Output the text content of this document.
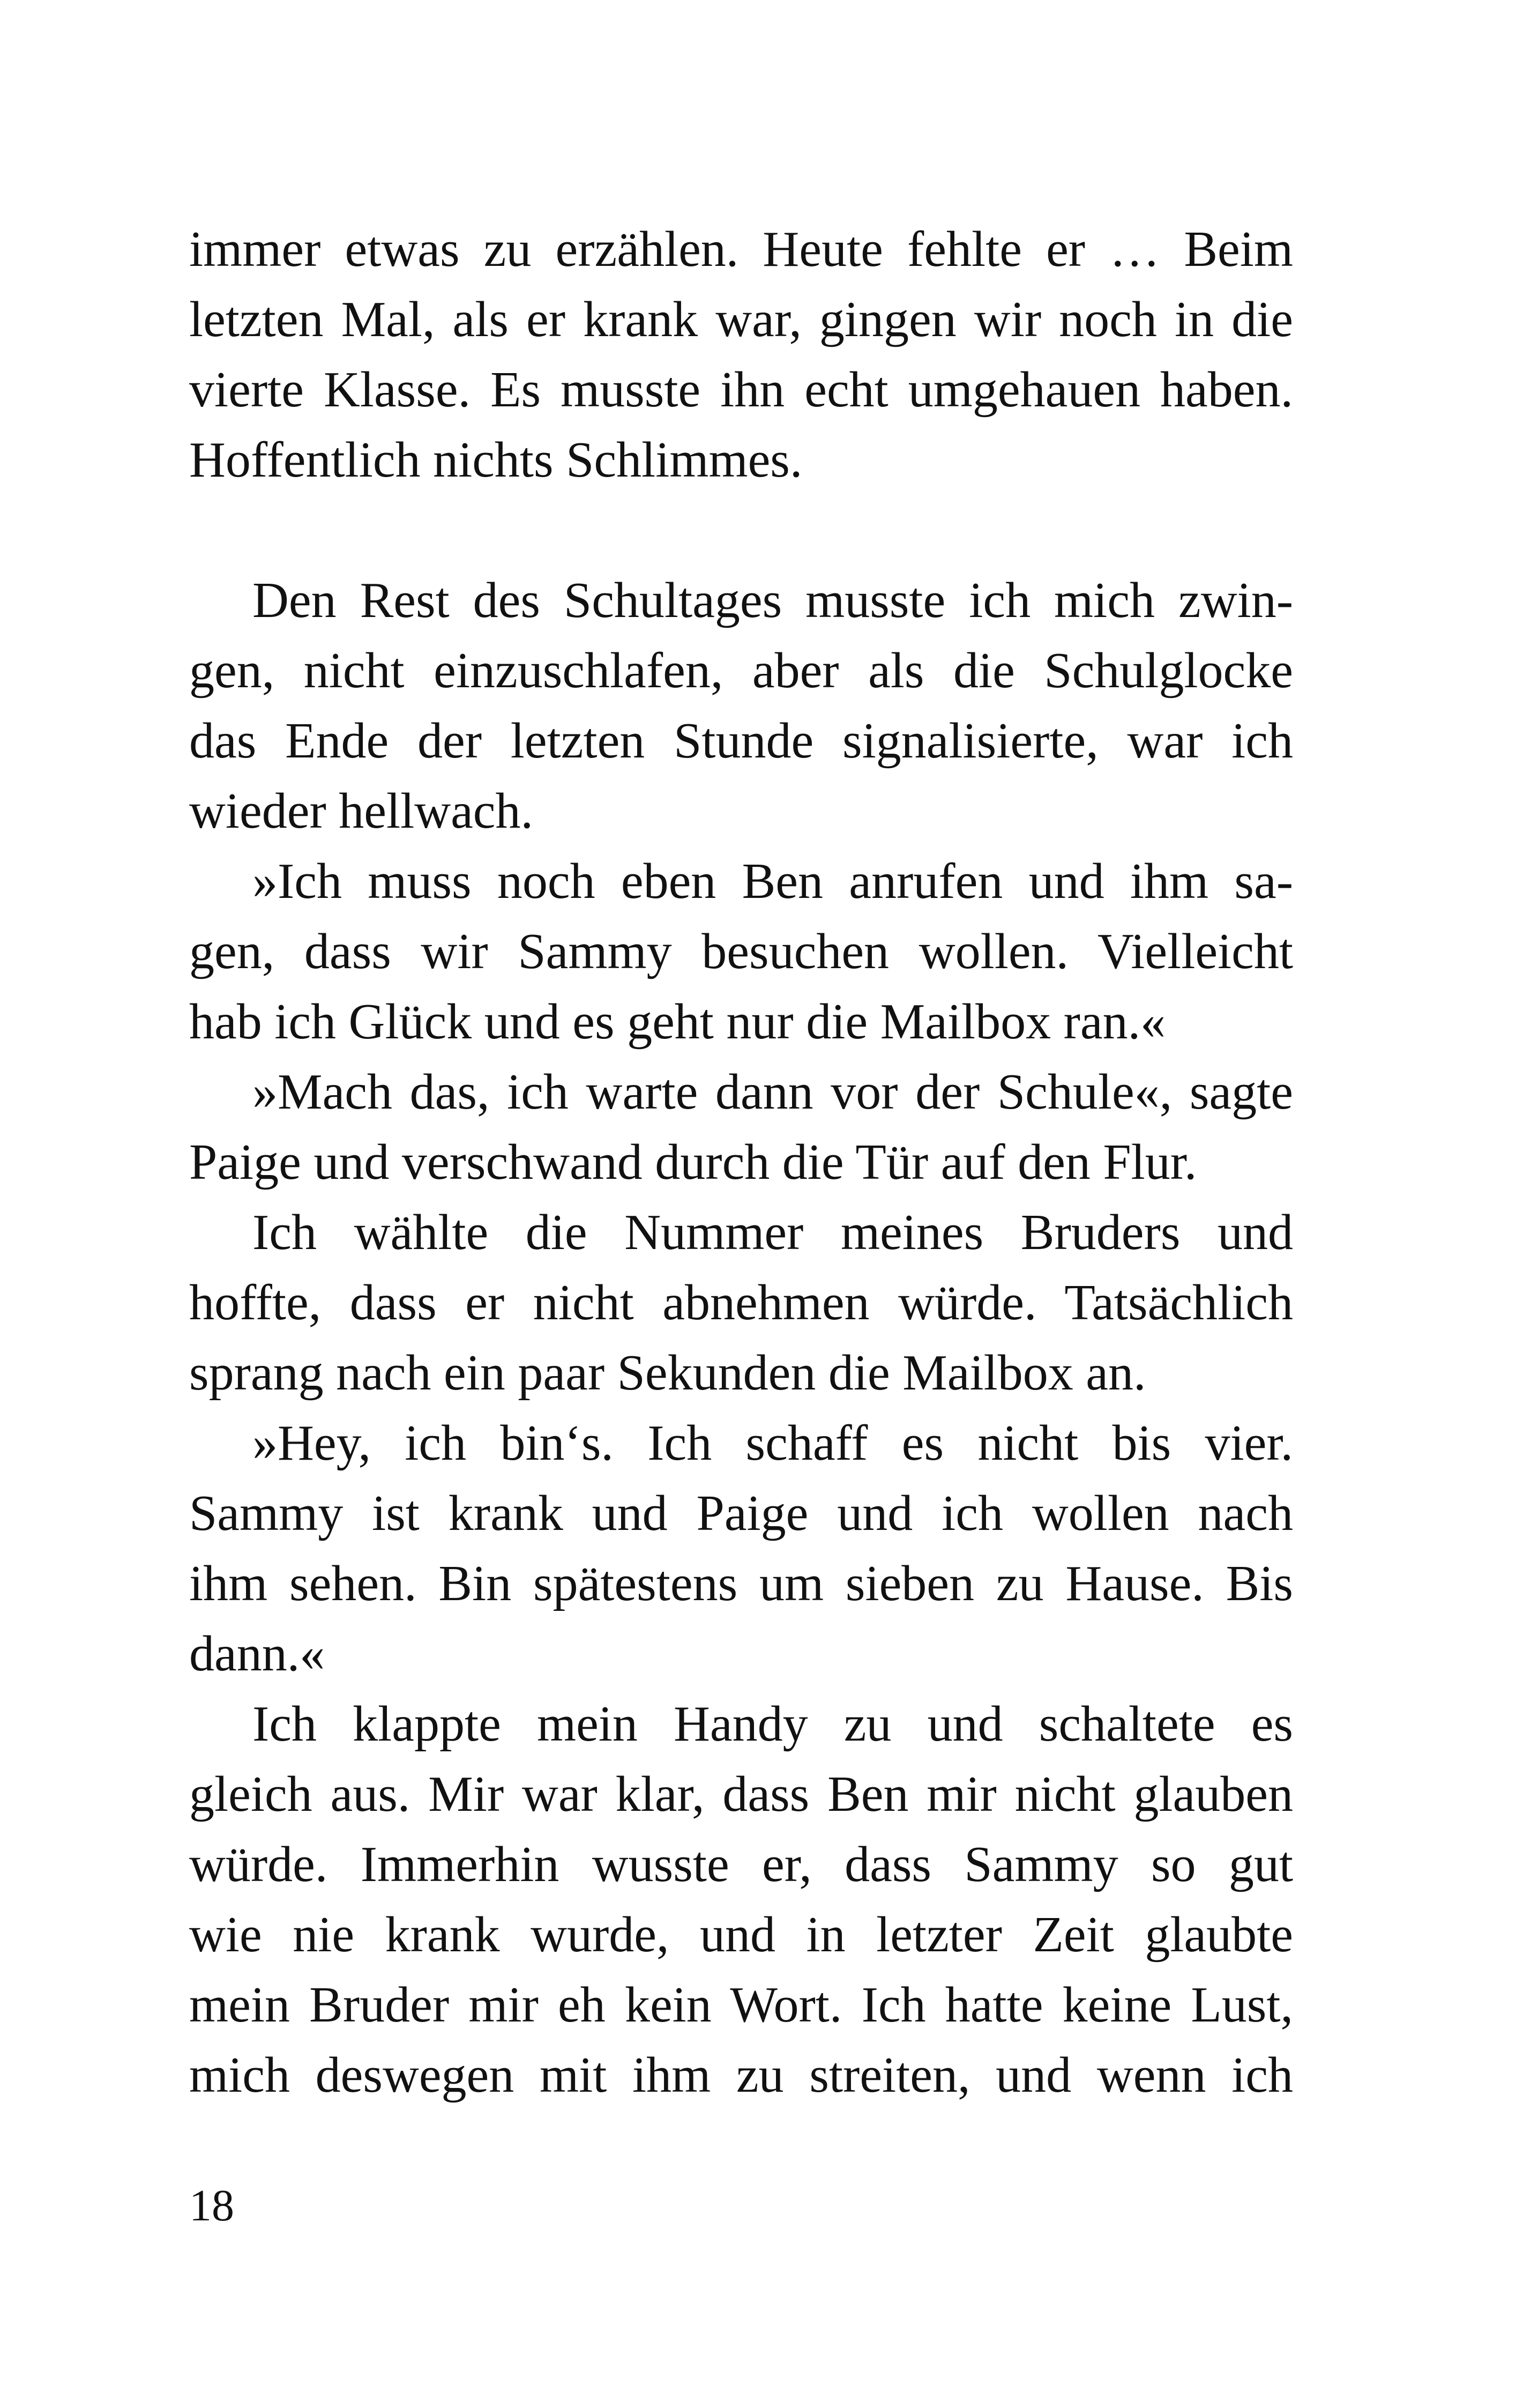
immer etwas zu erzählen. Heute fehlte er … Beim
letzten Mal, als er krank war, gingen wir noch in die
vierte Klasse. Es musste ihn echt umgehauen haben.
Hoffentlich nichts Schlimmes.
Den Rest des Schultages musste ich mich zwin-
gen, nicht einzuschlafen, aber als die Schulglocke
das Ende der letzten Stunde signalisierte, war ich
wieder hellwach.
»Ich muss noch eben Ben anrufen und ihm sa-
gen, dass wir Sammy besuchen wollen. Vielleicht
hab ich Glück und es geht nur die Mailbox ran.«
»Mach das, ich warte dann vor der Schule«, sagte
Paige und verschwand durch die Tür auf den Flur.
Ich wählte die Nummer meines Bruders und
hoffte, dass er nicht abnehmen würde. Tatsächlich
sprang nach ein paar Sekunden die Mailbox an.
»Hey, ich bin‘s. Ich schaff es nicht bis vier.
Sammy ist krank und Paige und ich wollen nach
ihm sehen. Bin spätestens um sieben zu Hause. Bis
dann.«
Ich klappte mein Handy zu und schaltete es
gleich aus. Mir war klar, dass Ben mir nicht glauben
würde. Immerhin wusste er, dass Sammy so gut
wie nie krank wurde, und in letzter Zeit glaubte
mein Bruder mir eh kein Wort. Ich hatte keine Lust,
mich deswegen mit ihm zu streiten, und wenn ich
18
